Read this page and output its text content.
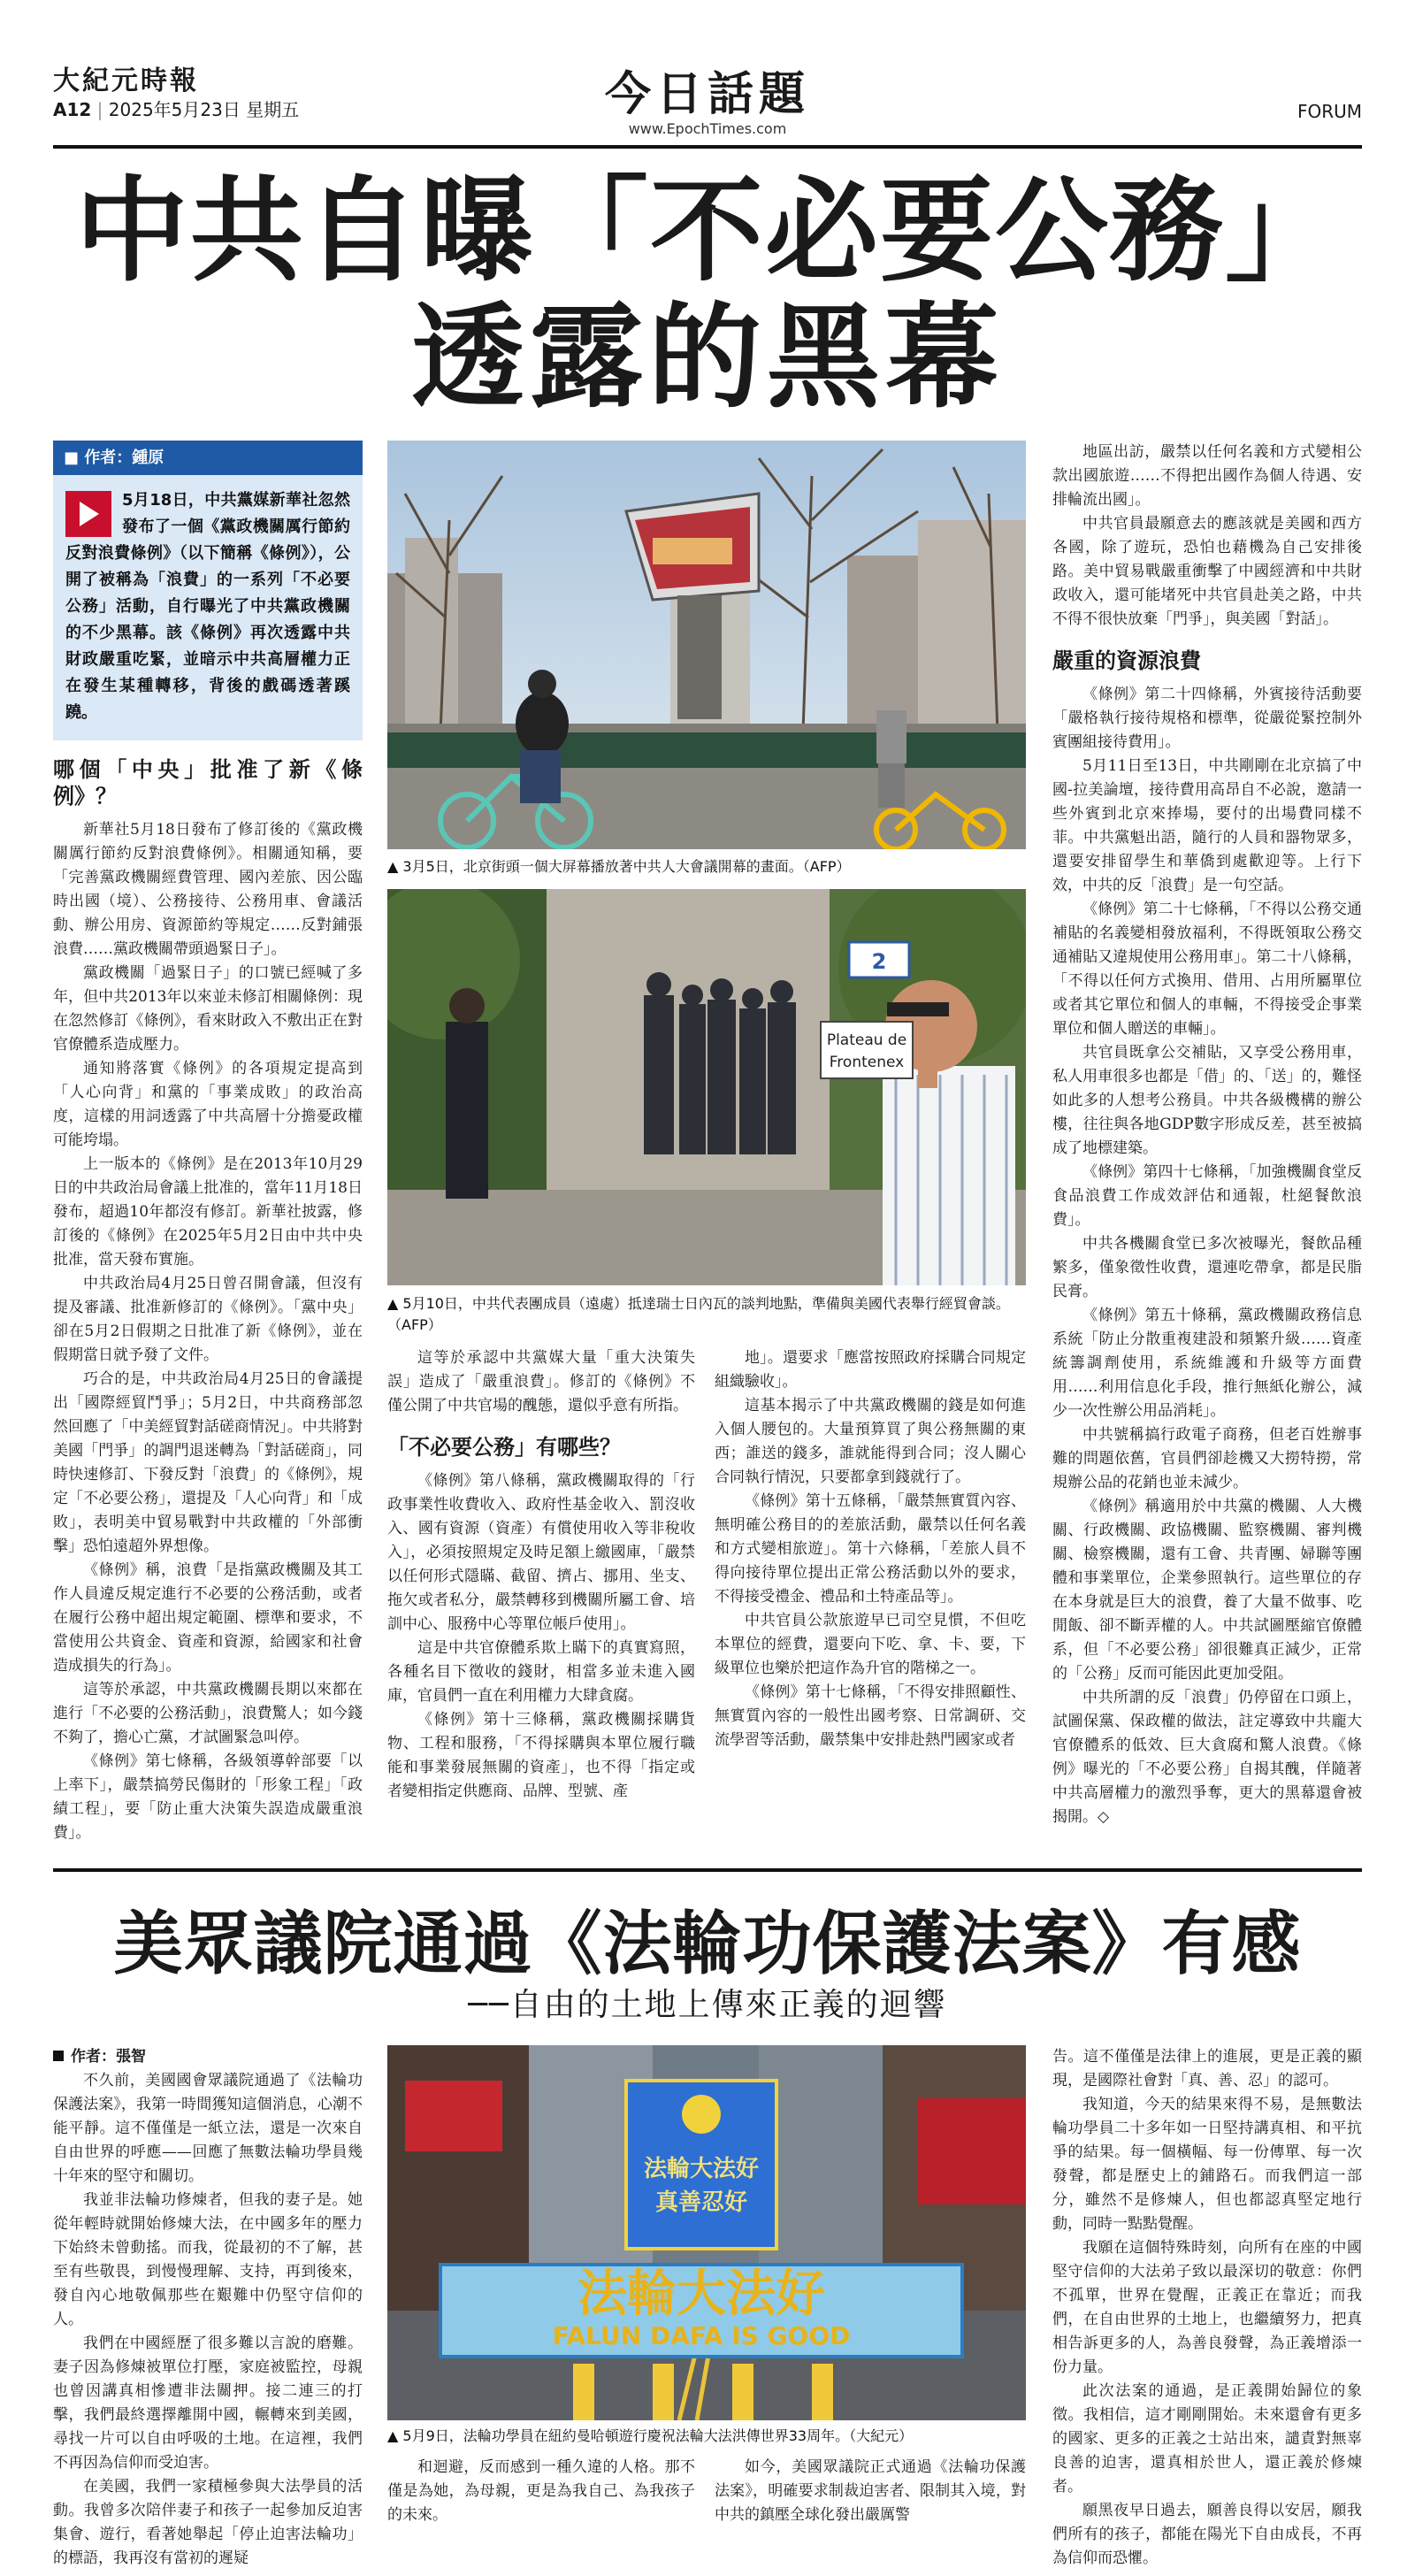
大紀元時報
A12 | 2025年5月23日 星期五	今日話題
www.EpochTimes.com
FORUM
中共自曝「不必要公務」
透露的黑幕
■ 作者：鍾原
5月18日，中共黨媒新華社忽然發布了一個《黨政機關厲行節約反對浪費條例》（以下簡稱《條例》），公開了被稱為「浪費」的一系列「不必要公務」活動，自行曝光了中共黨政機關的不少黑幕。該《條例》再次透露中共財政嚴重吃緊，並暗示中共高層權力正在發生某種轉移，背後的戲碼透著蹊蹺。
哪個「中央」批准了新《條例》？

新華社5月18日發布了修訂後的《黨政機關厲行節約反對浪費條例》。相關通知稱，要「完善黨政機關經費管理、國內差旅、因公臨時出國（境）、公務接待、公務用車、會議活動、辦公用房、資源節約等規定……反對鋪張浪費……黨政機關帶頭過緊日子」。

黨政機關「過緊日子」的口號已經喊了多年，但中共2013年以來並未修訂相關條例：現在忽然修訂《條例》，看來財政入不敷出正在對官僚體系造成壓力。

通知將落實《條例》的各項規定提高到「人心向背」和黨的「事業成敗」的政治高度，這樣的用詞透露了中共高層十分擔憂政權可能垮塌。

上一版本的《條例》是在2013年10月29日的中共政治局會議上批准的，當年11月18日發布，超過10年都沒有修訂。新華社披露，修訂後的《條例》在2025年5月2日由中共中央批准，當天發布實施。

中共政治局4月25日曾召開會議，但沒有提及審議、批准新修訂的《條例》。「黨中央」卻在5月2日假期之日批准了新《條例》，並在假期當日就予發了文件。

巧合的是，中共政治局4月25日的會議提出「國際經貿鬥爭」；5月2日，中共商務部忽然回應了「中美經貿對話磋商情況」。中共將對美國「門爭」的調門退迷轉為「對話磋商」，同時快速修訂、下發反對「浪費」的《條例》，規定「不必要公務」，還提及「人心向背」和「成敗」，表明美中貿易戰對中共政權的「外部衝擊」恐怕遠超外界想像。

《條例》稱，浪費「是指黨政機關及其工作人員違反規定進行不必要的公務活動，或者在履行公務中超出規定範圍、標準和要求，不當使用公共資金、資產和資源，給國家和社會造成損失的行為」。

這等於承認，中共黨政機關長期以來都在進行「不必要的公務活動」，浪費驚人；如今錢不夠了，擔心亡黨，才試圖緊急叫停。

《條例》第七條稱，各級領導幹部要「以上率下」，嚴禁搞勞民傷財的「形象工程」「政績工程」，要「防止重大決策失誤造成嚴重浪費」。

▲ 3月5日，北京街頭一個大屏幕播放著中共人大會議開幕的畫面。（AFP）
2
Plateau de
Frontenex
▲ 5月10日，中共代表團成員（遠處）抵達瑞士日內瓦的談判地點，準備與美國代表舉行經貿會談。（AFP）

這等於承認中共黨媒大量「重大決策失誤」造成了「嚴重浪費」。修訂的《條例》不僅公開了中共官場的醜態，還似乎意有所指。

「不必要公務」有哪些？

《條例》第八條稱，黨政機關取得的「行政事業性收費收入、政府性基金收入、罰沒收入、國有資源（資產）有償使用收入等非稅收入」，必須按照規定及時足額上繳國庫，「嚴禁以任何形式隱瞞、截留、擠占、挪用、坐支、拖欠或者私分，嚴禁轉移到機關所屬工會、培訓中心、服務中心等單位帳戶使用」。

這是中共官僚體系欺上瞞下的真實寫照，各種名目下徵收的錢財，相當多並未進入國庫，官員們一直在利用權力大肆貪腐。

《條例》第十三條稱，黨政機關採購貨物、工程和服務，「不得採購與本單位履行職能和事業發展無關的資產」，也不得「指定或者變相指定供應商、品牌、型號、產

地」。還要求「應當按照政府採購合同規定組織驗收」。

這基本揭示了中共黨政機關的錢是如何進入個人腰包的。大量預算買了與公務無關的東西；誰送的錢多，誰就能得到合同；沒人關心合同執行情況，只要都拿到錢就行了。

《條例》第十五條稱，「嚴禁無實質內容、無明確公務目的的差旅活動，嚴禁以任何名義和方式變相旅遊」。第十六條稱，「差旅人員不得向接待單位提出正常公務活動以外的要求，不得接受禮金、禮品和土特產品等」。

中共官員公款旅遊早已司空見慣，不但吃本單位的經費，還要向下吃、拿、卡、要，下級單位也樂於把這作為升官的階梯之一。

《條例》第十七條稱，「不得安排照顧性、無實質內容的一般性出國考察、日常調研、交流學習等活動，嚴禁集中安排赴熱門國家或者

地區出訪，嚴禁以任何名義和方式變相公款出國旅遊……不得把出國作為個人待遇、安排輪流出國」。

中共官員最願意去的應該就是美國和西方各國，除了遊玩，恐怕也藉機為自己安排後路。美中貿易戰嚴重衝擊了中國經濟和中共財政收入，還可能堵死中共官員赴美之路，中共不得不很快放棄「門爭」，與美國「對話」。

嚴重的資源浪費

《條例》第二十四條稱，外賓接待活動要「嚴格執行接待規格和標準，從嚴從緊控制外賓團組接待費用」。

5月11日至13日，中共剛剛在北京搞了中國-拉美論壇，接待費用高昂自不必說，邀請一些外賓到北京來捧場，要付的出場費同樣不菲。中共黨魁出語，隨行的人員和器物眾多，還要安排留學生和華僑到處歡迎等。上行下效，中共的反「浪費」是一句空話。

《條例》第二十七條稱，「不得以公務交通補貼的名義變相發放福利，不得既領取公務交通補貼又違規使用公務用車」。第二十八條稱，「不得以任何方式換用、借用、占用所屬單位或者其它單位和個人的車輛，不得接受企事業單位和個人贈送的車輛」。

共官員既拿公交補貼，又享受公務用車，私人用車很多也都是「借」的、「送」的，難怪如此多的人想考公務員。中共各級機構的辦公樓，往往與各地GDP數字形成反差，甚至被搞成了地標建築。

《條例》第四十七條稱，「加強機關食堂反食品浪費工作成效評估和通報，杜絕餐飲浪費」。

中共各機關食堂已多次被曝光，餐飲品種繁多，僅象徵性收費，還連吃帶拿，都是民脂民膏。

《條例》第五十條稱，黨政機關政務信息系統「防止分散重複建設和頻繁升級……資產統籌調劑使用，系統維護和升級等方面費用……利用信息化手段，推行無紙化辦公，減少一次性辦公用品消耗」。

中共號稱搞行政電子商務，但老百姓辦事難的問題依舊，官員們卻趁機又大撈特撈，常規辦公品的花銷也並未減少。

《條例》稱適用於中共黨的機關、人大機關、行政機關、政協機關、監察機關、審判機關、檢察機關，還有工會、共青團、婦聯等團體和事業單位，企業參照執行。這些單位的存在本身就是巨大的浪費，養了大量不做事、吃閒飯、卻不斷弄權的人。中共試圖壓縮官僚體系，但「不必要公務」卻很難真正減少，正常的「公務」反而可能因此更加受阻。

中共所謂的反「浪費」仍停留在口頭上，試圖保黨、保政權的做法，註定導致中共龐大官僚體系的低效、巨大貪腐和驚人浪費。《條例》曝光的「不必要公務」自揭其醜，佯隨著中共高層權力的激烈爭奪，更大的黑幕還會被揭開。◇

美眾議院通過《法輪功保護法案》有感
──自由的土地上傳來正義的迴響
作者：張智

不久前，美國國會眾議院通過了《法輪功保護法案》，我第一時間獲知這個消息，心潮不能平靜。這不僅僅是一紙立法，還是一次來自自由世界的呼應——回應了無數法輪功學員幾十年來的堅守和關切。

我並非法輪功修煉者，但我的妻子是。她從年輕時就開始修煉大法，在中國多年的壓力下始終未曾動搖。而我，從最初的不了解，甚至有些敬畏，到慢慢理解、支持，再到後來，發自內心地敬佩那些在艱難中仍堅守信仰的人。

我們在中國經歷了很多難以言說的磨難。妻子因為修煉被單位打壓，家庭被監控，母親也曾因講真相慘遭非法關押。接二連三的打擊，我們最終選擇離開中國，輾轉來到美國，尋找一片可以自由呼吸的土地。在這裡，我們不再因為信仰而受迫害。

在美國，我們一家積極參與大法學員的活動。我曾多次陪伴妻子和孩子一起參加反迫害集會、遊行，看著她舉起「停止迫害法輪功」的標語，我再沒有當初的遲疑

法輪大法好
真善忍好
法輪大法好
FALUN DAFA IS GOOD
▲ 5月9日，法輪功學員在紐約曼哈頓遊行慶祝法輪大法洪傳世界33周年。（大紀元）

和迴避，反而感到一種久違的人格。那不僅是為她，為母親，更是為我自己、為我孩子的未來。

如今，美國眾議院正式通過《法輪功保護法案》，明確要求制裁迫害者、限制其入境，對中共的鎮壓全球化發出嚴厲警

告。這不僅僅是法律上的進展，更是正義的顯現，是國際社會對「真、善、忍」的認可。

我知道，今天的結果來得不易，是無數法輪功學員二十多年如一日堅持講真相、和平抗爭的結果。每一個橫幅、每一份傳單、每一次發聲，都是歷史上的鋪路石。而我們這一部分，雖然不是修煉人，但也都認真堅定地行動，同時一點點覺醒。

我願在這個特殊時刻，向所有在座的中國堅守信仰的大法弟子致以最深切的敬意：你們不孤單，世界在覺醒，正義正在靠近；而我們，在自由世界的土地上，也繼續努力，把真相告訴更多的人，為善良發聲，為正義增添一份力量。

此次法案的通過，是正義開始歸位的象徵。我相信，這才剛剛開始。未來還會有更多的國家、更多的正義之士站出來，譴責對無辜良善的迫害，還真相於世人，還正義於修煉者。

願黑夜早日過去，願善良得以安居，願我們所有的孩子，都能在陽光下自由成長，不再為信仰而恐懼。
